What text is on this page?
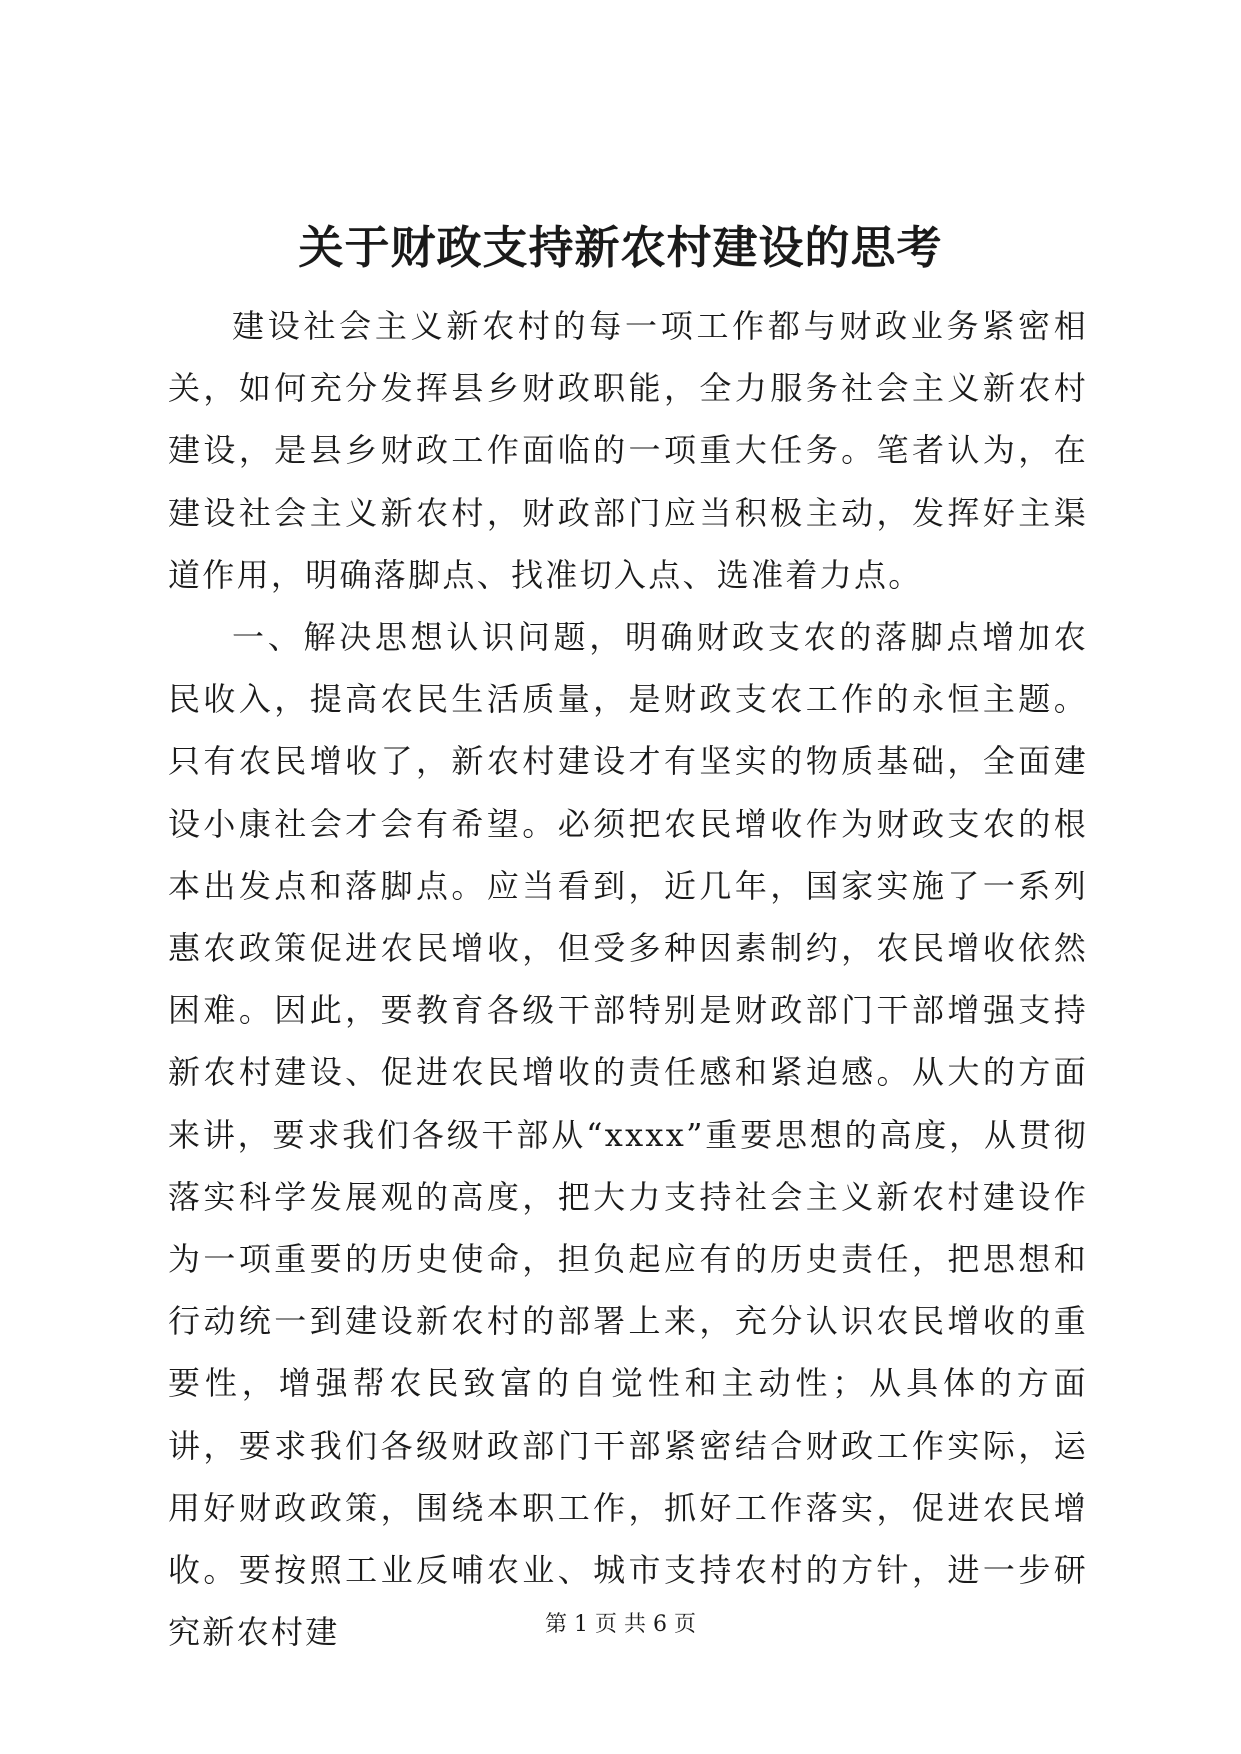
关于财政支持新农村建设的思考

建设社会主义新农村的每一项工作都与财政业务紧密相关，如何充分发挥县乡财政职能，全力服务社会主义新农村建设，是县乡财政工作面临的一项重大任务。笔者认为，在建设社会主义新农村，财政部门应当积极主动，发挥好主渠道作用，明确落脚点、找准切入点、选准着力点。

一、解决思想认识问题，明确财政支农的落脚点增加农民收入，提高农民生活质量，是财政支农工作的永恒主题。只有农民增收了，新农村建设才有坚实的物质基础，全面建设小康社会才会有希望。必须把农民增收作为财政支农的根本出发点和落脚点。应当看到，近几年，国家实施了一系列惠农政策促进农民增收，但受多种因素制约，农民增收依然困难。因此，要教育各级干部特别是财政部门干部增强支持新农村建设、促进农民增收的责任感和紧迫感。从大的方面来讲，要求我们各级干部从“xxxx”重要思想的高度，从贯彻落实科学发展观的高度，把大力支持社会主义新农村建设作为一项重要的历史使命，担负起应有的历史责任，把思想和行动统一到建设新农村的部署上来，充分认识农民增收的重要性，增强帮农民致富的自觉性和主动性；从具体的方面讲，要求我们各级财政部门干部紧密结合财政工作实际，运用好财政政策，围绕本职工作，抓好工作落实，促进农民增收。要按照工业反哺农业、城市支持农村的方针，进一步研究新农村建	第 1 页 共 6 页
